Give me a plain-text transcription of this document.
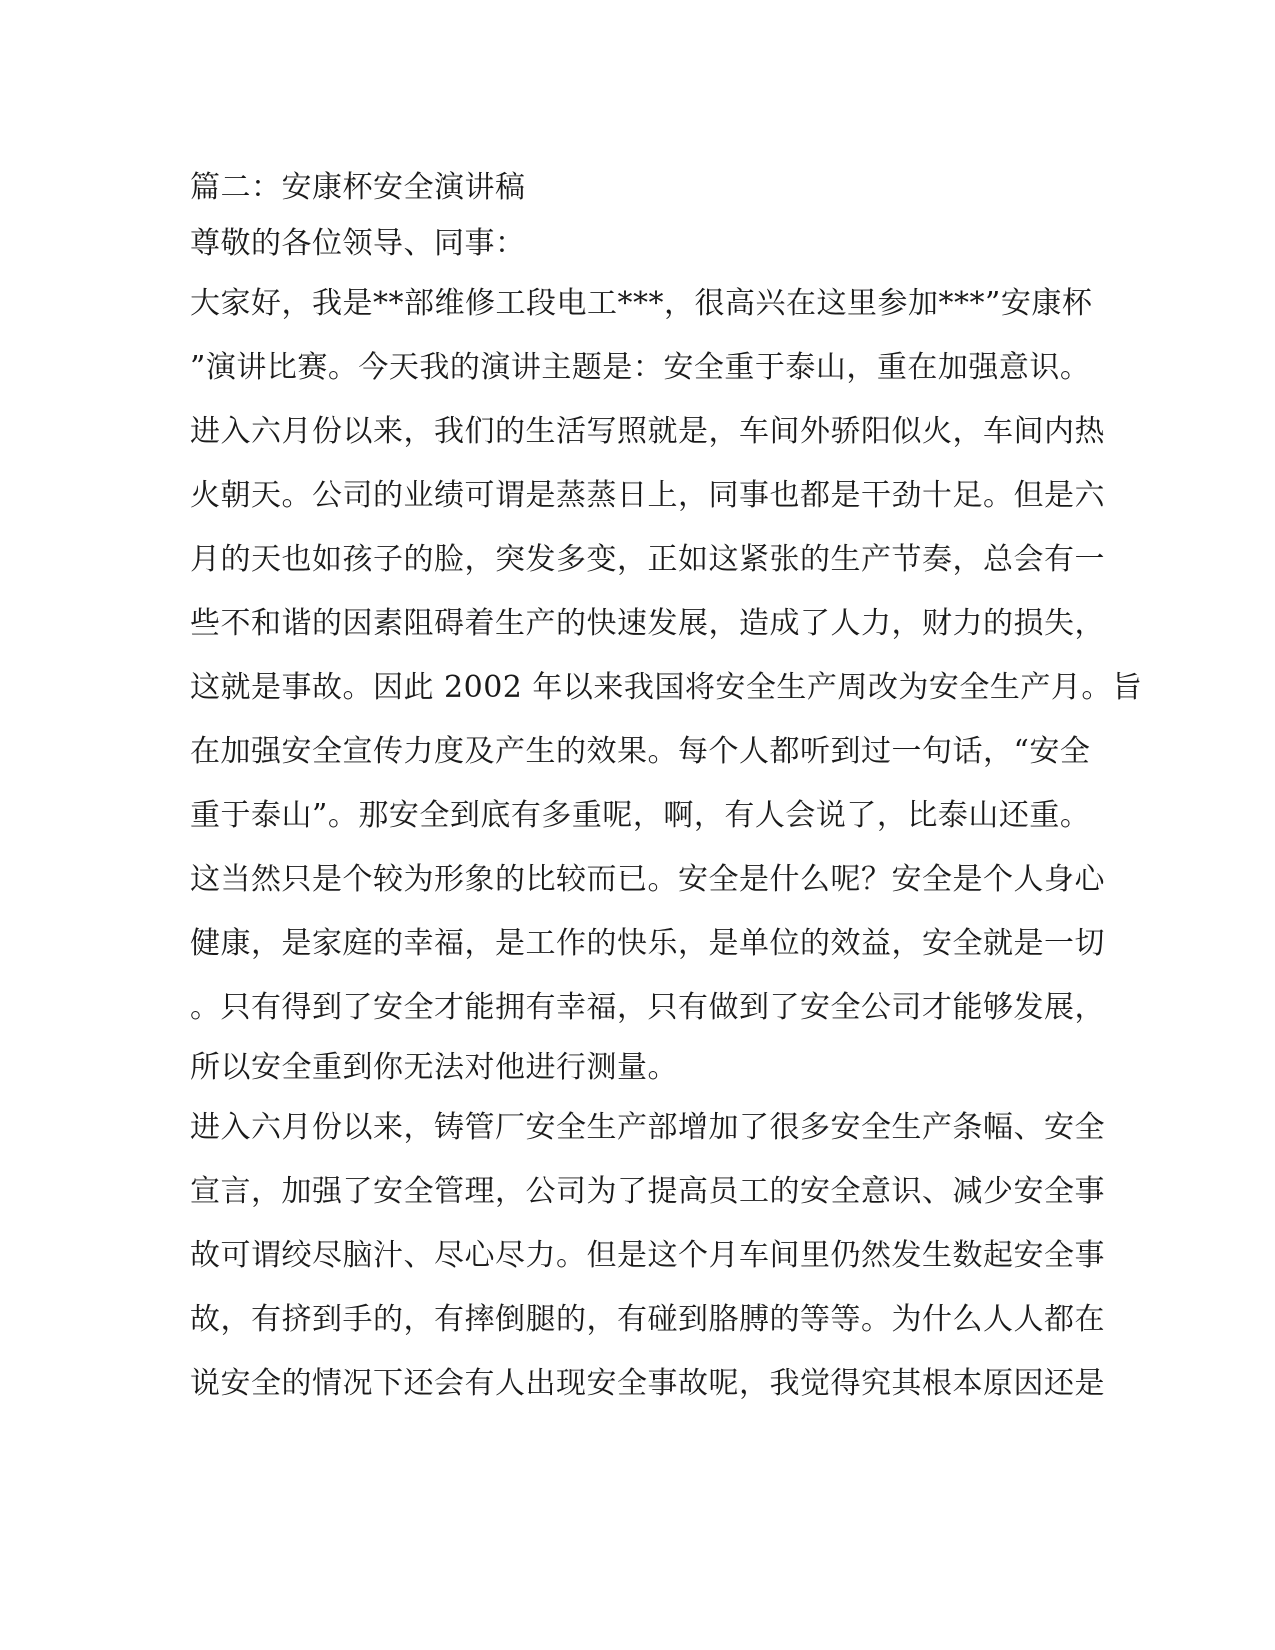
篇二：安康杯安全演讲稿
尊敬的各位领导、同事：
大家好，我是**部维修工段电工***，很高兴在这里参加***”安康杯
”演讲比赛。今天我的演讲主题是：安全重于泰山，重在加强意识。
进入六月份以来，我们的生活写照就是，车间外骄阳似火，车间内热
火朝天。公司的业绩可谓是蒸蒸日上，同事也都是干劲十足。但是六
月的天也如孩子的脸，突发多变，正如这紧张的生产节奏，总会有一
些不和谐的因素阻碍着生产的快速发展，造成了人力，财力的损失，
这就是事故。因此 2002 年以来我国将安全生产周改为安全生产月。旨
在加强安全宣传力度及产生的效果。每个人都听到过一句话，“安全
重于泰山”。那安全到底有多重呢，啊，有人会说了，比泰山还重。
这当然只是个较为形象的比较而已。安全是什么呢？安全是个人身心
健康，是家庭的幸福，是工作的快乐，是单位的效益，安全就是一切
。只有得到了安全才能拥有幸福，只有做到了安全公司才能够发展，
所以安全重到你无法对他进行测量。
进入六月份以来，铸管厂安全生产部增加了很多安全生产条幅、安全
宣言，加强了安全管理，公司为了提高员工的安全意识、减少安全事
故可谓绞尽脑汁、尽心尽力。但是这个月车间里仍然发生数起安全事
故，有挤到手的，有摔倒腿的，有碰到胳膊的等等。为什么人人都在
说安全的情况下还会有人出现安全事故呢，我觉得究其根本原因还是
